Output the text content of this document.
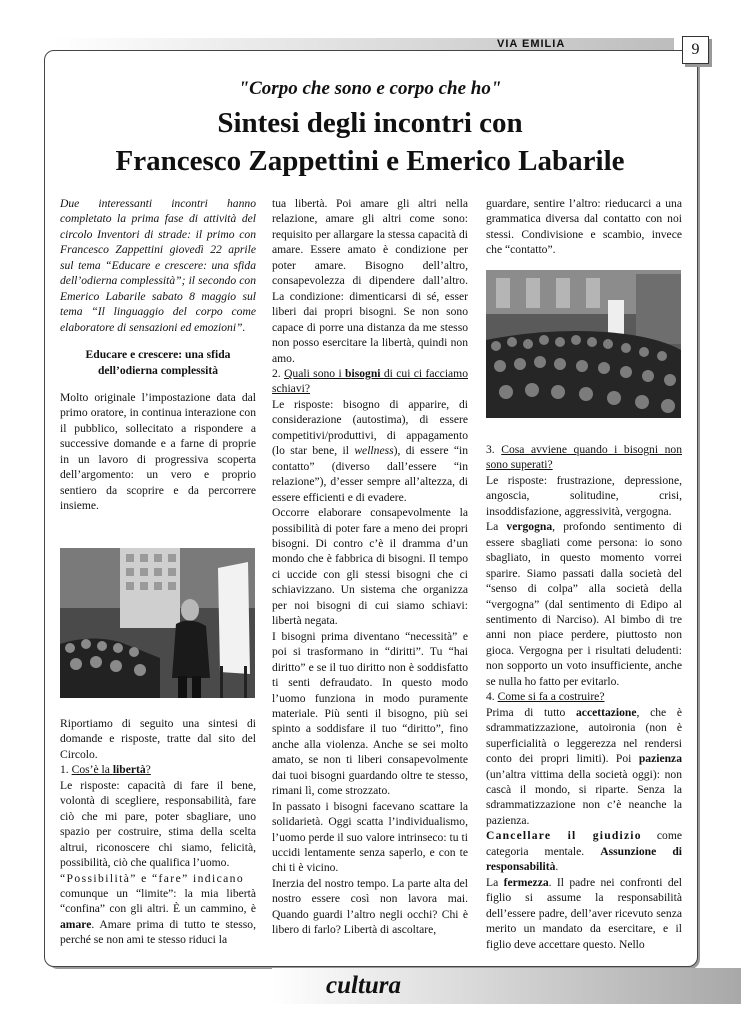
VIA EMILIA	9
"Corpo che sono e corpo che ho"
Sintesi degli incontri con
Francesco Zappettini e Emerico Labarile

Due interessanti incontri hanno completato la prima fase di attività del circolo Inventori di strade: il primo con Francesco Zappettini giovedì 22 aprile sul tema “Educare e crescere: una sfida dell’odierna complessità”; il secondo con Emerico Labarile sabato 8 maggio sul tema “Il linguaggio del corpo come elaboratore di sensazioni ed emozioni”.

Educare e crescere: una sfida dell’odierna complessità

Molto originale l’impostazione data dal primo oratore, in continua interazione con il pubblico, sollecitato a rispondere a successive domande e a farne di proprie in un lavoro di progressiva scoperta dell’argomento: un vero e proprio sentiero da scoprire e da percorrere insieme.

Riportiamo di seguito una sintesi di domande e risposte, tratte dal sito del Circolo.

1. Cos’è la libertà?

Le risposte: capacità di fare il bene, volontà di scegliere, responsabilità, fare ciò che mi pare, poter sbagliare, uno spazio per costruire, stima della scelta altrui, riconoscere chi siamo, felicità, possibilità, ciò che qualifica l’uomo.

“Possibilità” e “fare” indicano

comunque un “limite”: la mia libertà “confina” con gli altri. È un cammino, è amare. Amare prima di tutto te stesso, perché se non ami te stesso riduci la

tua libertà. Poi amare gli altri nella relazione, amare gli altri come sono: requisito per allargare la stessa capacità di amare. Essere amato è condizione per poter amare. Bisogno dell’altro, consapevolezza di dipendere dall’altro. La condizione: dimenticarsi di sé, esser liberi dai propri bisogni. Se non sono capace di porre una distanza da me stesso non posso esercitare la libertà, quindi non amo.

2. Quali sono i bisogni di cui ci facciamo schiavi?

Le risposte: bisogno di apparire, di considerazione (autostima), di essere competitivi/produttivi, di appagamento (lo star bene, il wellness), di essere “in contatto” (diverso dall’essere “in relazione”), d’esser sempre all’altezza, di essere efficienti e di evadere.

Occorre elaborare consapevolmente la possibilità di poter fare a meno dei propri bisogni. Di contro c’è il dramma d’un mondo che è fabbrica di bisogni. Il tempo ci uccide con gli stessi bisogni che ci schiavizzano. Un sistema che organizza per noi bisogni di cui siamo schiavi: libertà negata.

I bisogni prima diventano “necessità” e poi si trasformano in “diritti”. Tu “hai diritto” e se il tuo diritto non è soddisfatto ti senti defraudato. In questo modo l’uomo funziona in modo puramente materiale. Più senti il bisogno, più sei spinto a soddisfare il tuo “diritto”, fino anche alla violenza. Anche se sei molto amato, se non ti liberi consapevolmente dai tuoi bisogni guardando oltre te stesso, rimani lì, come strozzato.

In passato i bisogni facevano scattare la solidarietà. Oggi scatta l’individualismo, l’uomo perde il suo valore intrinseco: tu ti uccidi lentamente senza saperlo, e con te chi ti è vicino.

Inerzia del nostro tempo. La parte alta del nostro essere così non lavora mai. Quando guardi l’altro negli occhi? Chi è libero di farlo? Libertà di ascoltare,

guardare, sentire l’altro: rieducarci a una grammatica diversa dal contatto con noi stessi. Condivisione e scambio, invece che “contatto”.

3. Cosa avviene quando i bisogni non sono superati?

Le risposte: frustrazione, depressione, angoscia, solitudine, crisi, insoddisfazione, aggressività, vergogna.

La vergogna, profondo sentimento di essere sbagliati come persona: io sono sbagliato, in questo momento vorrei sparire. Siamo passati dalla società del “senso di colpa” alla società della “vergogna” (dal sentimento di Edipo al sentimento di Narciso). Al bimbo di tre anni non piace perdere, piuttosto non gioca. Vergogna per i risultati deludenti: non sopporto un voto insufficiente, anche se nulla ho fatto per evitarlo.

4. Come si fa a costruire?

Prima di tutto accettazione, che è sdrammatizzazione, autoironia (non è superficialità o leggerezza nel rendersi conto dei propri limiti). Poi pazienza (un’altra vittima della società oggi): non cascà il mondo, si riparte. Senza la sdrammatizzazione non c’è neanche la pazienza.

Cancellare il giudizio come categoria mentale. Assunzione di responsabilità.

La fermezza. Il padre nei confronti del figlio si assume la responsabilità dell’essere padre, dell’aver ricevuto senza merito un mandato da esercitare, e il figlio deve accettare questo. Nello

cultura
